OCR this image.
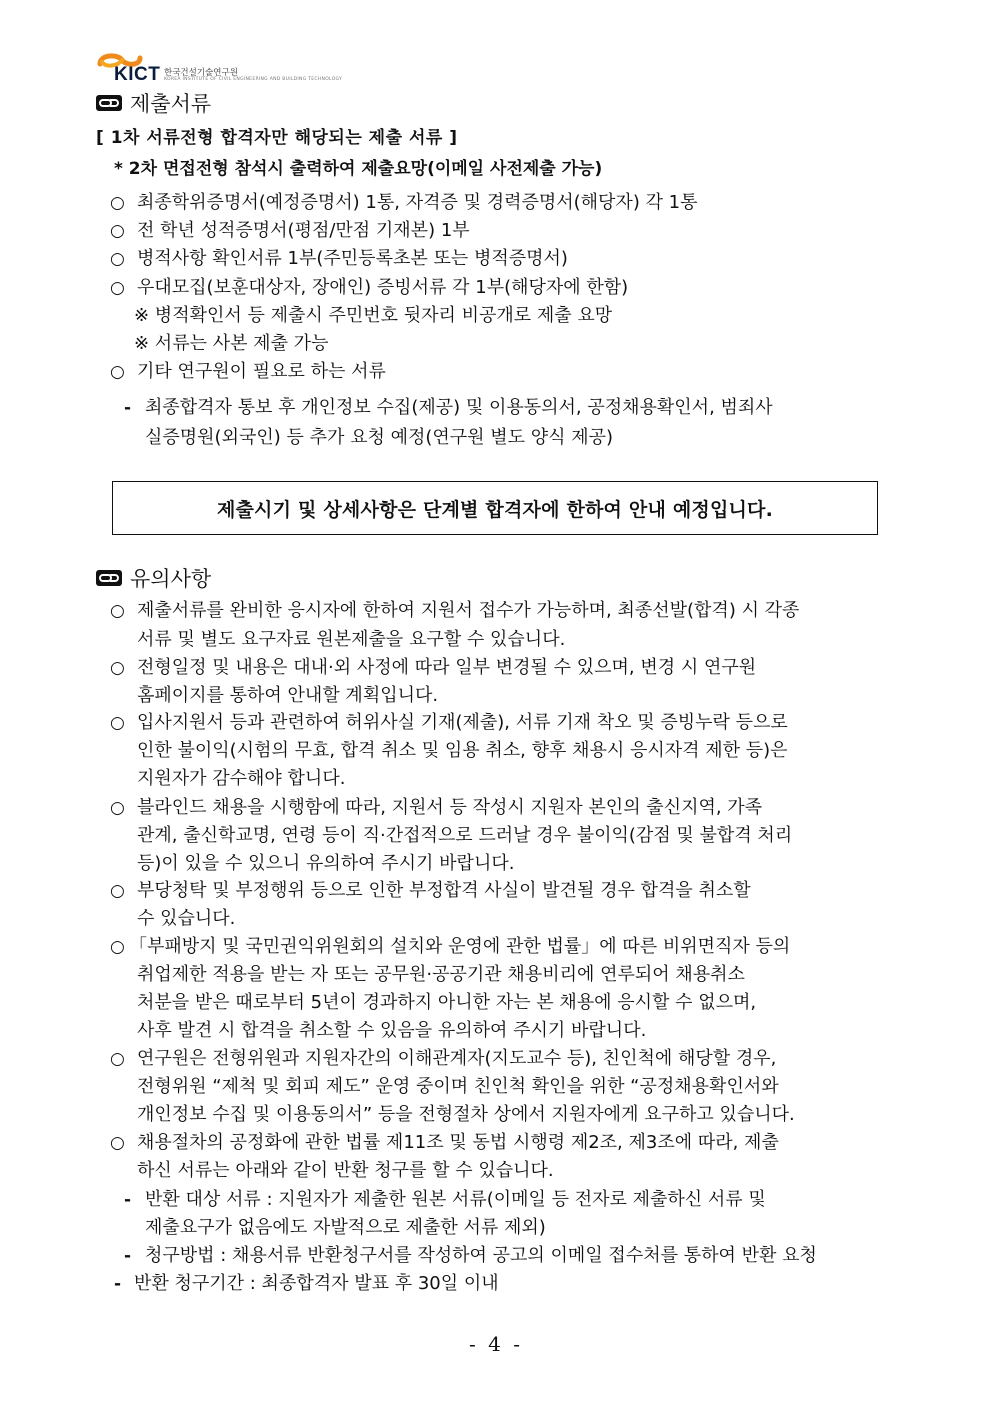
KICT 한국건설기술연구원
KOREA INSTITUTE OF CIVIL ENGINEERING AND BUILDING TECHNOLOGY
제출서류
[ 1차 서류전형 합격자만 해당되는 제출 서류 ]
* 2차 면접전형 참석시 출력하여 제출요망(이메일 사전제출 가능)
○ 최종학위증명서(예정증명서) 1통, 자격증 및 경력증명서(해당자) 각 1통
○ 전 학년 성적증명서(평점/만점 기재본) 1부
○ 병적사항 확인서류 1부(주민등록초본 또는 병적증명서)
○ 우대모집(보훈대상자, 장애인) 증빙서류 각 1부(해당자에 한함)
※ 병적확인서 등 제출시 주민번호 뒷자리 비공개로 제출 요망
※ 서류는 사본 제출 가능
○ 기타 연구원이 필요로 하는 서류
- 최종합격자 통보 후 개인정보 수집(제공) 및 이용동의서, 공정채용확인서, 범죄사
실증명원(외국인) 등 추가 요청 예정(연구원 별도 양식 제공)
제출시기 및 상세사항은 단계별 합격자에 한하여 안내 예정입니다.
유의사항
○ 제출서류를 완비한 응시자에 한하여 지원서 접수가 가능하며, 최종선발(합격) 시 각종
서류 및 별도 요구자료 원본제출을 요구할 수 있습니다.
○ 전형일정 및 내용은 대내·외 사정에 따라 일부 변경될 수 있으며, 변경 시 연구원
홈페이지를 통하여 안내할 계획입니다.
○ 입사지원서 등과 관련하여 허위사실 기재(제출), 서류 기재 착오 및 증빙누락 등으로
인한 불이익(시험의 무효, 합격 취소 및 임용 취소, 향후 채용시 응시자격 제한 등)은
지원자가 감수해야 합니다.
○ 블라인드 채용을 시행함에 따라, 지원서 등 작성시 지원자 본인의 출신지역, 가족
관계, 출신학교명, 연령 등이 직·간접적으로 드러날 경우 불이익(감점 및 불합격 처리
등)이 있을 수 있으니 유의하여 주시기 바랍니다.
○ 부당청탁 및 부정행위 등으로 인한 부정합격 사실이 발견될 경우 합격을 취소할
수 있습니다.
○ 「부패방지 및 국민권익위원회의 설치와 운영에 관한 법률」에 따른 비위면직자 등의
취업제한 적용을 받는 자 또는 공무원·공공기관 채용비리에 연루되어 채용취소
처분을 받은 때로부터 5년이 경과하지 아니한 자는 본 채용에 응시할 수 없으며,
사후 발견 시 합격을 취소할 수 있음을 유의하여 주시기 바랍니다.
○ 연구원은 전형위원과 지원자간의 이해관계자(지도교수 등), 친인척에 해당할 경우,
전형위원 “제척 및 회피 제도” 운영 중이며 친인척 확인을 위한 “공정채용확인서와
개인정보 수집 및 이용동의서” 등을 전형절차 상에서 지원자에게 요구하고 있습니다.
○ 채용절차의 공정화에 관한 법률 제11조 및 동법 시행령 제2조, 제3조에 따라, 제출
하신 서류는 아래와 같이 반환 청구를 할 수 있습니다.
- 반환 대상 서류 : 지원자가 제출한 원본 서류(이메일 등 전자로 제출하신 서류 및
제출요구가 없음에도 자발적으로 제출한 서류 제외)
- 청구방법 : 채용서류 반환청구서를 작성하여 공고의 이메일 접수처를 통하여 반환 요청
- 반환 청구기간 : 최종합격자 발표 후 30일 이내
- 4 -
